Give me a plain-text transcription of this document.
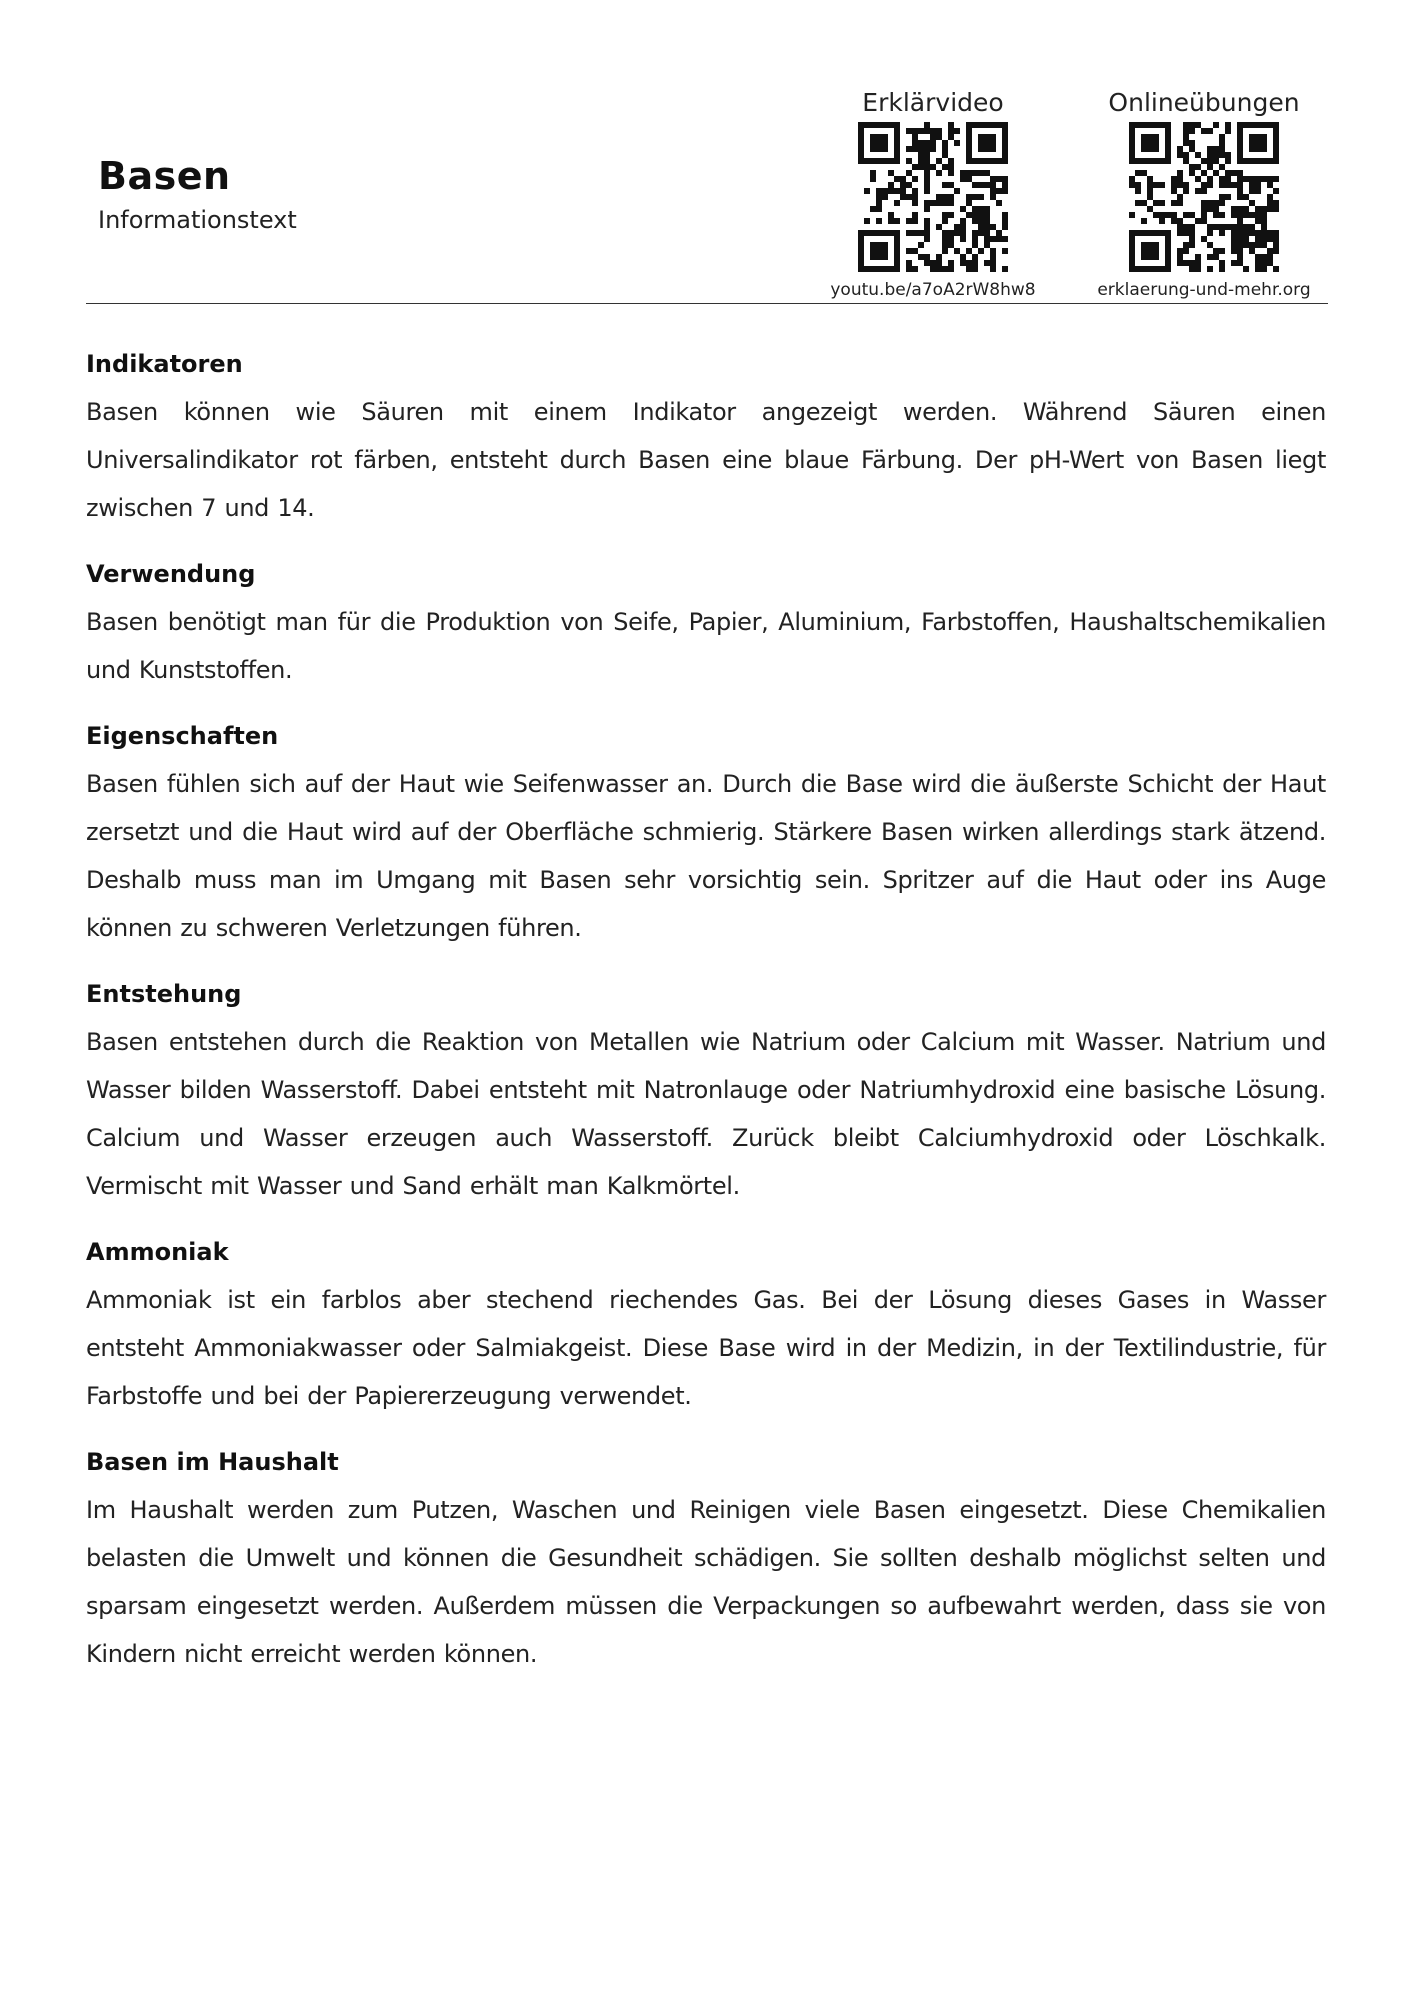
Basen
Informationstext
Erklärvideo
youtu.be/a7oA2rW8hw8
Onlineübungen
erklaerung-und-mehr.org
Indikatoren

Basen können wie Säuren mit einem Indikator angezeigt werden. Während Säuren einen Universalindikator rot färben, entsteht durch Basen eine blaue Färbung. Der pH-Wert von Basen liegt zwischen 7 und 14.

Verwendung

Basen benötigt man für die Produktion von Seife, Papier, Aluminium, Farbstoffen, Haushaltschemikalien und Kunststoffen.

Eigenschaften

Basen fühlen sich auf der Haut wie Seifenwasser an. Durch die Base wird die äußerste Schicht der Haut zersetzt und die Haut wird auf der Oberfläche schmierig. Stärkere Basen wirken allerdings stark ätzend. Deshalb muss man im Umgang mit Basen sehr vorsichtig sein. Spritzer auf die Haut oder ins Auge können zu schweren Verletzungen führen.

Entstehung

Basen entstehen durch die Reaktion von Metallen wie Natrium oder Calcium mit Wasser. Natrium und Wasser bilden Wasserstoff. Dabei entsteht mit Natronlauge oder Natriumhydroxid eine basische Lösung. Calcium und Wasser erzeugen auch Wasserstoff. Zurück bleibt Calciumhydroxid oder Löschkalk. Vermischt mit Wasser und Sand erhält man Kalkmörtel.

Ammoniak

Ammoniak ist ein farblos aber stechend riechendes Gas. Bei der Lösung dieses Gases in Wasser entsteht Ammoniakwasser oder Salmiakgeist. Diese Base wird in der Medizin, in der Textilindustrie, für Farbstoffe und bei der Papiererzeugung verwendet.

Basen im Haushalt

Im Haushalt werden zum Putzen, Waschen und Reinigen viele Basen eingesetzt. Diese Chemikalien belasten die Umwelt und können die Gesundheit schädigen. Sie sollten deshalb möglichst selten und sparsam eingesetzt werden. Außerdem müssen die Verpackungen so aufbewahrt werden, dass sie von Kindern nicht erreicht werden können.
